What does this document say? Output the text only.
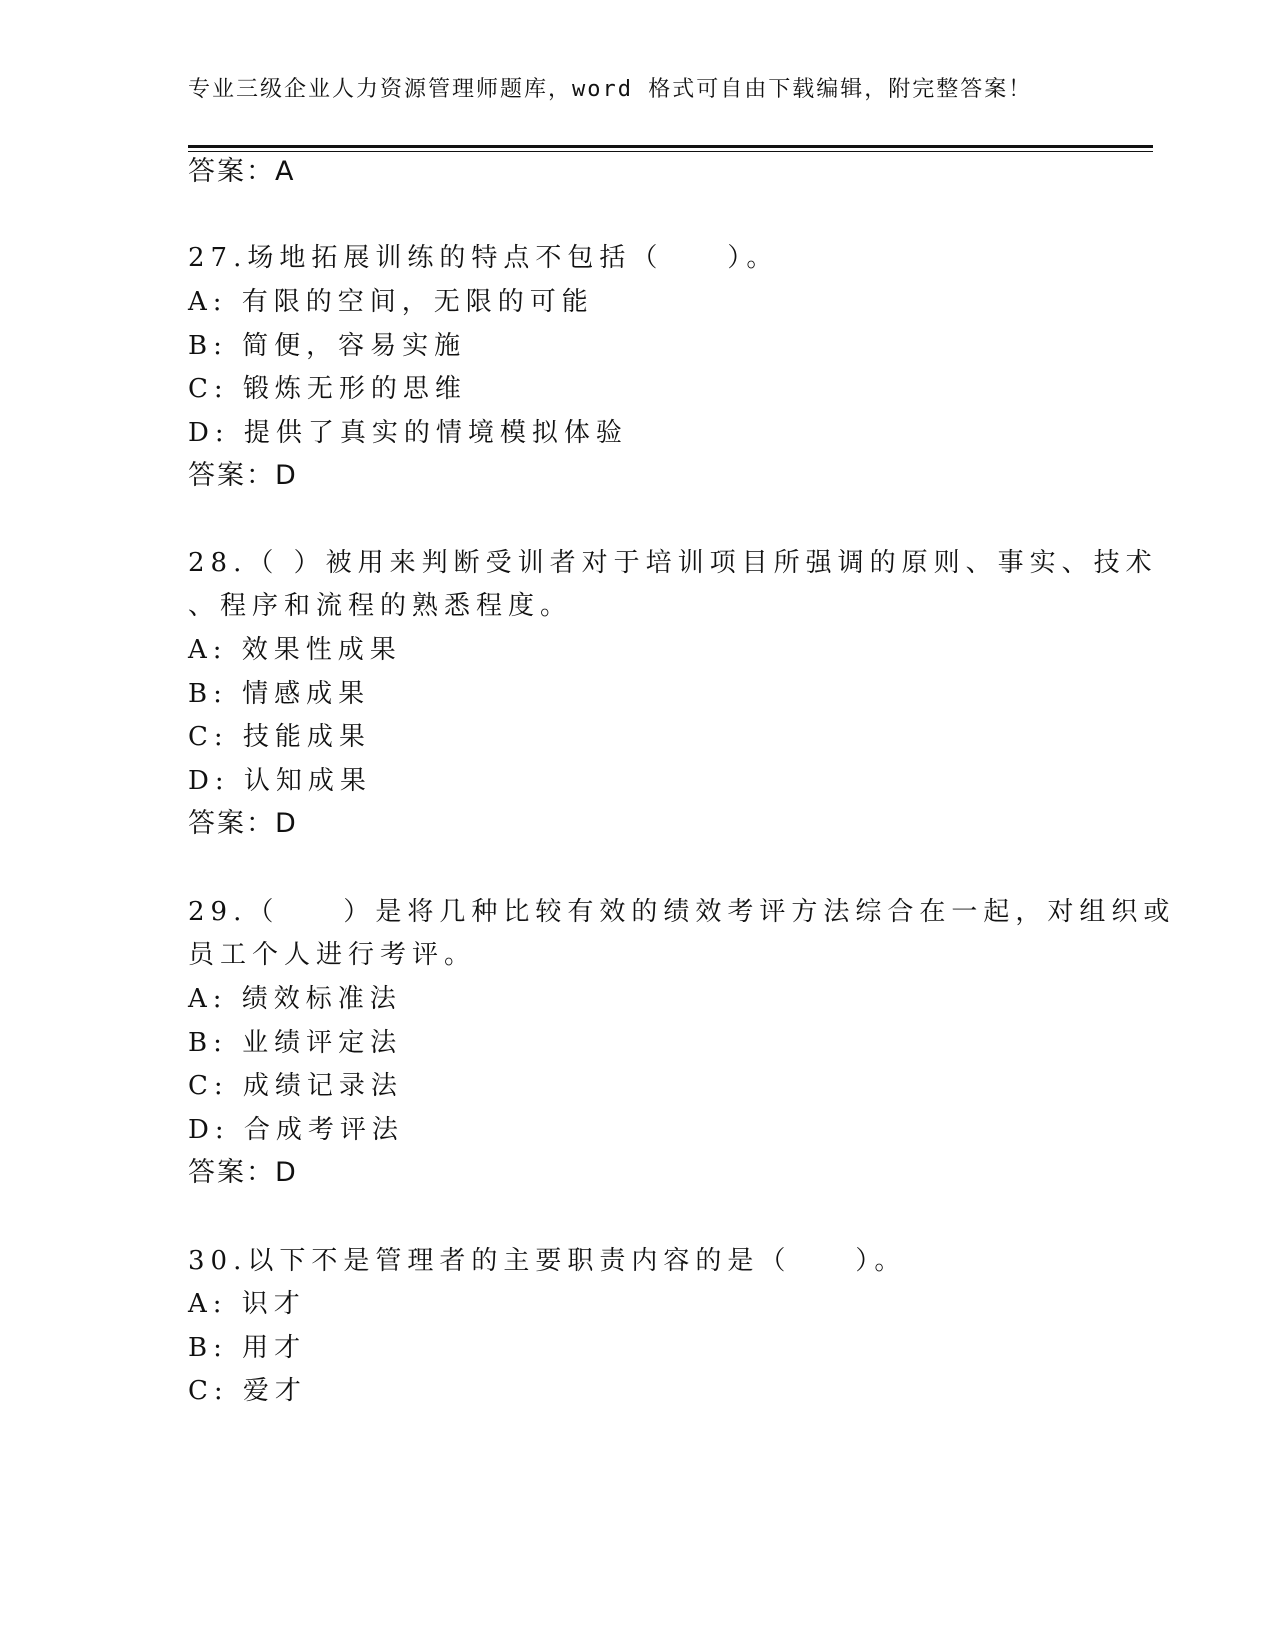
专业三级企业人力资源管理师题库，word 格式可自由下载编辑，附完整答案！
答案：A
27.场地拓展训练的特点不包括（　　）。
A: 有限的空间，无限的可能
B: 简便，容易实施
C: 锻炼无形的思维
D: 提供了真实的情境模拟体验
答案：D
28.（ ）被用来判断受训者对于培训项目所强调的原则、事实、技术
、程序和流程的熟悉程度。
A: 效果性成果
B: 情感成果
C: 技能成果
D: 认知成果
答案：D
29.（　　）是将几种比较有效的绩效考评方法综合在一起，对组织或
员工个人进行考评。
A: 绩效标准法
B: 业绩评定法
C: 成绩记录法
D: 合成考评法
答案：D
30.以下不是管理者的主要职责内容的是（　　）。
A: 识才
B: 用才
C: 爱才
